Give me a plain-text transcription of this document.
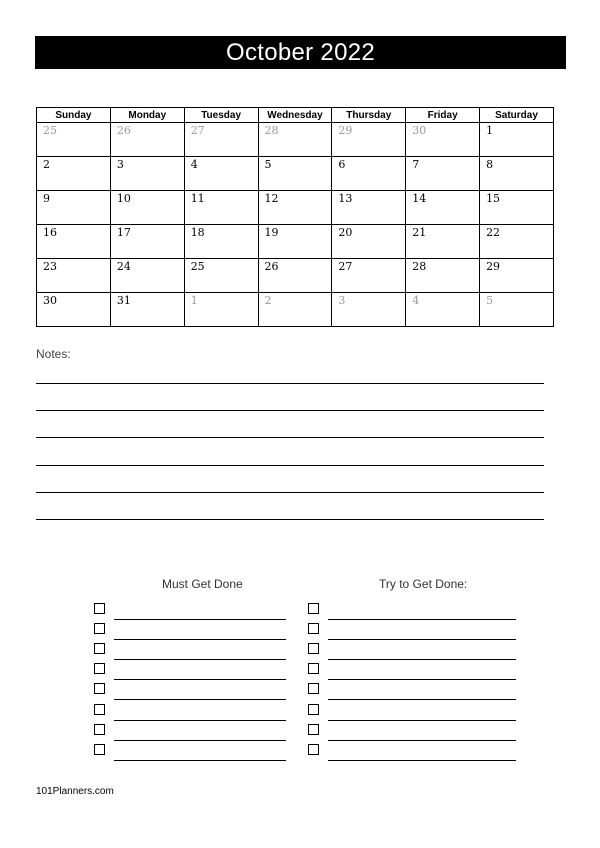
October 2022
Sunday	Monday	Tuesday	Wednesday	Thursday	Friday	Saturday
25	26	27	28	29	30	1
2	3	4	5	6	7	8
9	10	11	12	13	14	15
16	17	18	19	20	21	22
23	24	25	26	27	28	29
30	31	1	2	3	4	5
Notes:
Must Get Done	Try to Get Done:
101Planners.com
